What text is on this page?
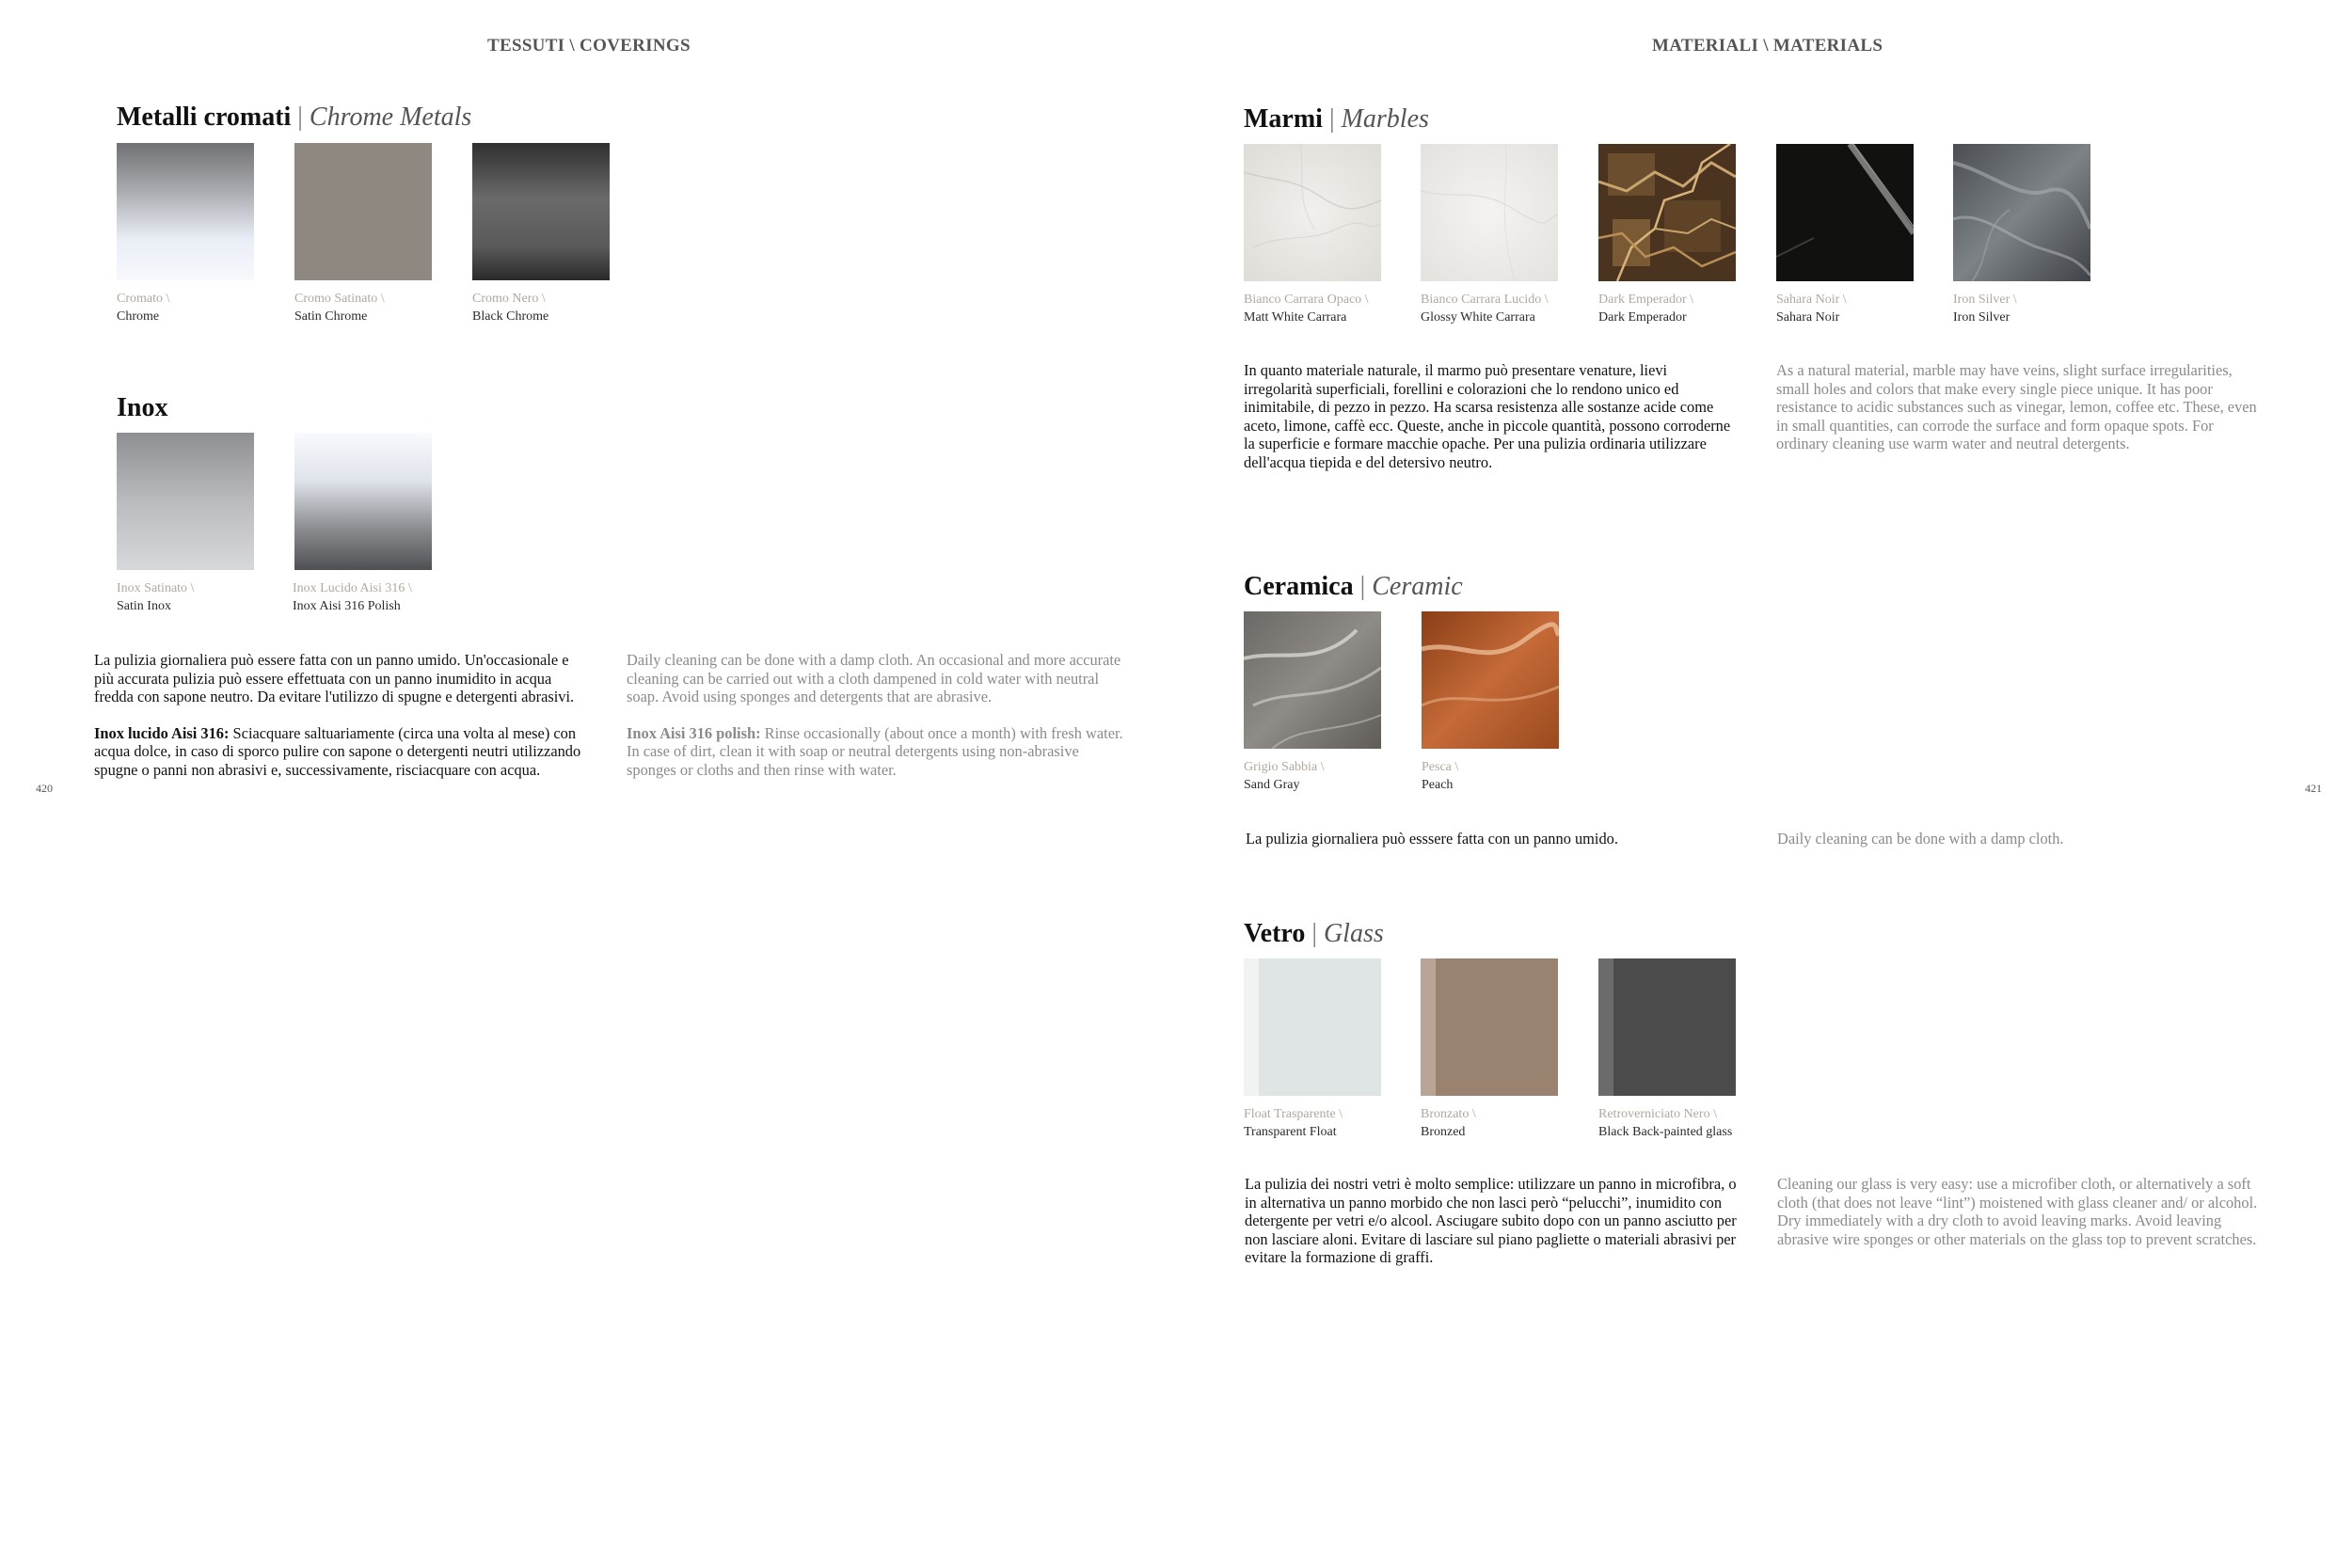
TESSUTI \ COVERINGS
Metalli cromati | Chrome Metals
Cromato \
Chrome
Cromo Satinato \
Satin Chrome
Cromo Nero \
Black Chrome
Inox
Inox Satinato \
Satin Inox
Inox Lucido Aisi 316 \
Inox Aisi 316 Polish

La pulizia giornaliera può essere fatta con un panno umido. Un'occasionale e più accurata pulizia può essere effettuata con un panno inumidito in acqua fredda con sapone neutro. Da evitare l'utilizzo di spugne e detergenti abrasivi.

Inox lucido Aisi 316: Sciacquare saltuariamente (circa una volta al mese) con acqua dolce, in caso di sporco pulire con sapone o detergenti neutri utilizzando spugne o panni non abrasivi e, successivamente, risciacquare con acqua.

Daily cleaning can be done with a damp cloth. An occasional and more accurate cleaning can be carried out with a cloth dampened in cold water with neutral soap. Avoid using sponges and detergents that are abrasive.

Inox Aisi 316 polish: Rinse occasionally (about once a month) with fresh water. In case of dirt, clean it with soap or neutral detergents using non-abrasive sponges or cloths and then rinse with water.

420
MATERIALI \ MATERIALS
Marmi | Marbles
Bianco Carrara Opaco \
Matt White Carrara
Bianco Carrara Lucido \
Glossy White Carrara
Dark Emperador \
Dark Emperador
Sahara Noir \
Sahara Noir
Iron Silver \
Iron Silver
In quanto materiale naturale, il marmo può presentare venature, lievi irregolarità superficiali, forellini e colorazioni che lo rendono unico ed inimitabile, di pezzo in pezzo. Ha scarsa resistenza alle sostanze acide come aceto, limone, caffè ecc. Queste, anche in piccole quantità, possono corroderne la superficie e formare macchie opache. Per una pulizia ordinaria utilizzare dell'acqua tiepida e del detersivo neutro.
As a natural material, marble may have veins, slight surface irregularities, small holes and colors that make every single piece unique. It has poor resistance to acidic substances such as vinegar, lemon, coffee etc. These, even in small quantities, can corrode the surface and form opaque spots. For ordinary cleaning use warm water and neutral detergents.
Ceramica | Ceramic
Grigio Sabbia \
Sand Gray
Pesca \
Peach
La pulizia giornaliera può esssere fatta con un panno umido.	Daily cleaning can be done with a damp cloth.
Vetro | Glass
Float Trasparente \
Transparent Float
Bronzato \
Bronzed
Retroverniciato Nero \
Black Back-painted glass
La pulizia dei nostri vetri è molto semplice: utilizzare un panno in microfibra, o in alternativa un panno morbido che non lasci però “pelucchi”, inumidito con detergente per vetri e/o alcool. Asciugare subito dopo con un panno asciutto per non lasciare aloni. Evitare di lasciare sul piano pagliette o materiali abrasivi per evitare la formazione di graffi.
Cleaning our glass is very easy: use a microfiber cloth, or alternatively a soft cloth (that does not leave “lint”) moistened with glass cleaner and/ or alcohol. Dry immediately with a dry cloth to avoid leaving marks. Avoid leaving abrasive wire sponges or other materials on the glass top to prevent scratches.
421
